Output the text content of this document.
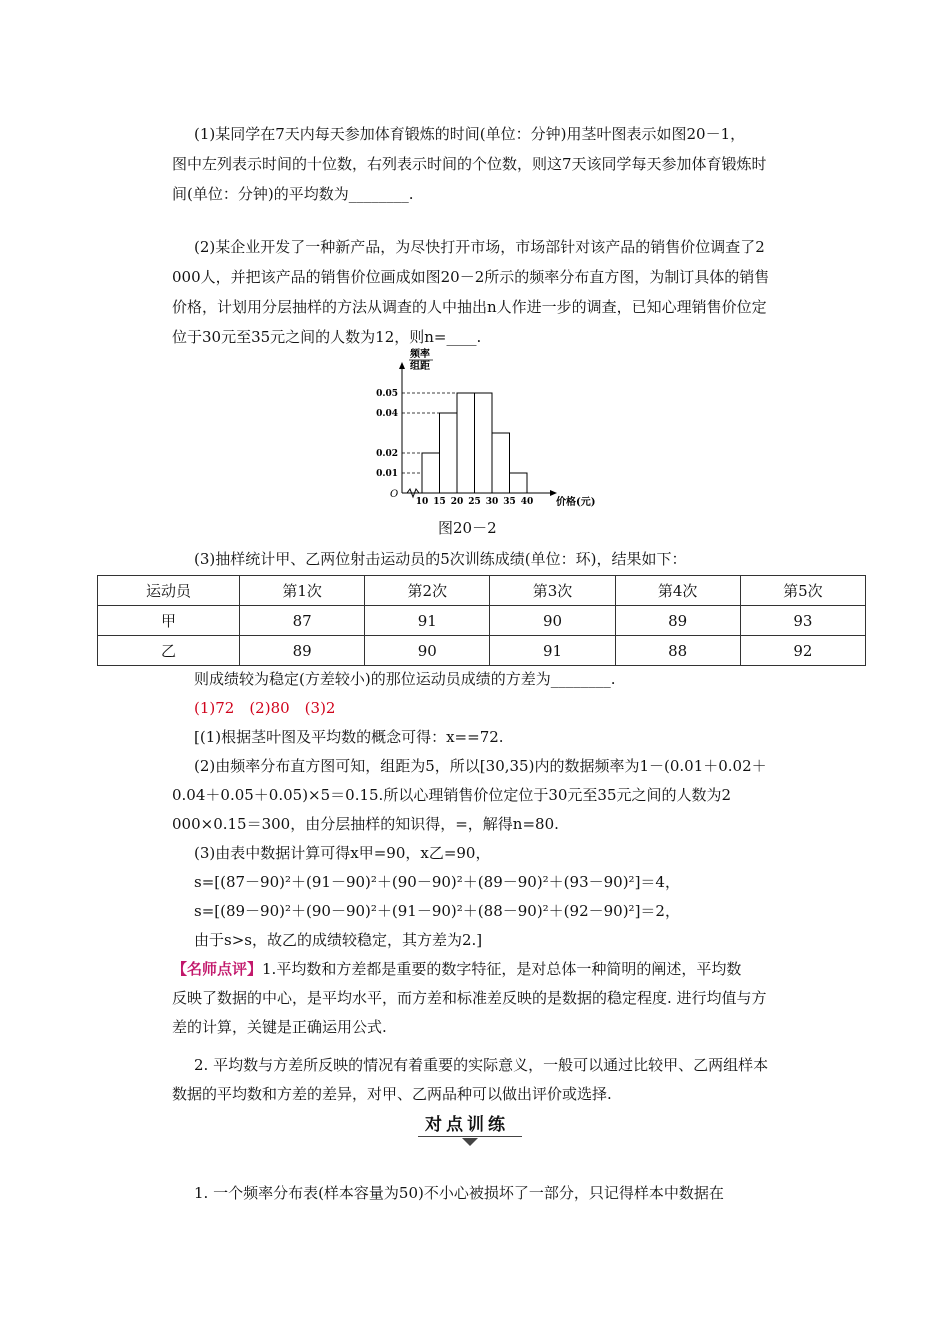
(1)某同学在7天内每天参加体育锻炼的时间(单位：分钟)用茎叶图表示如图20－1，
图中左列表示时间的十位数，右列表示时间的个位数，则这7天该同学每天参加体育锻炼时
间(单位：分钟)的平均数为________.
(2)某企业开发了一种新产品，为尽快打开市场，市场部针对该产品的销售价位调查了2
000人，并把该产品的销售价位画成如图20－2所示的频率分布直方图，为制订具体的销售
价格，计划用分层抽样的方法从调查的人中抽出n人作进一步的调查，已知心理销售价位定
位于30元至35元之间的人数为12，则n=____.
O
频率
组距
价格(元)
0.01
0.02
0.04
0.05
10 15 20 25 30 35 40
图20－2
(3)抽样统计甲、乙两位射击运动员的5次训练成绩(单位：环)，结果如下：
运动员	第1次	第2次	第3次	第4次	第5次
甲	87	91	90	89	93
乙	89	90	91	88	92
则成绩较为稳定(方差较小)的那位运动员成绩的方差为________.
(1)72　(2)80　(3)2
[(1)根据茎叶图及平均数的概念可得：x==72.
(2)由频率分布直方图可知，组距为5，所以[30,35)内的数据频率为1－(0.01＋0.02＋
0.04＋0.05＋0.05)×5＝0.15.所以心理销售价位定位于30元至35元之间的人数为2
000×0.15＝300，由分层抽样的知识得，=，解得n=80.
(3)由表中数据计算可得x甲=90，x乙=90，
s=[(87－90)²＋(91－90)²＋(90－90)²＋(89－90)²＋(93－90)²]＝4，
s=[(89－90)²＋(90－90)²＋(91－90)²＋(88－90)²＋(92－90)²]＝2，
由于s>s，故乙的成绩较稳定，其方差为2.]
【名师点评】1.平均数和方差都是重要的数字特征，是对总体一种简明的阐述，平均数
反映了数据的中心，是平均水平，而方差和标准差反映的是数据的稳定程度. 进行均值与方
差的计算，关键是正确运用公式.
2. 平均数与方差所反映的情况有着重要的实际意义，一般可以通过比较甲、乙两组样本
数据的平均数和方差的差异，对甲、乙两品种可以做出评价或选择.
对点训练
1. 一个频率分布表(样本容量为50)不小心被损坏了一部分，只记得样本中数据在
